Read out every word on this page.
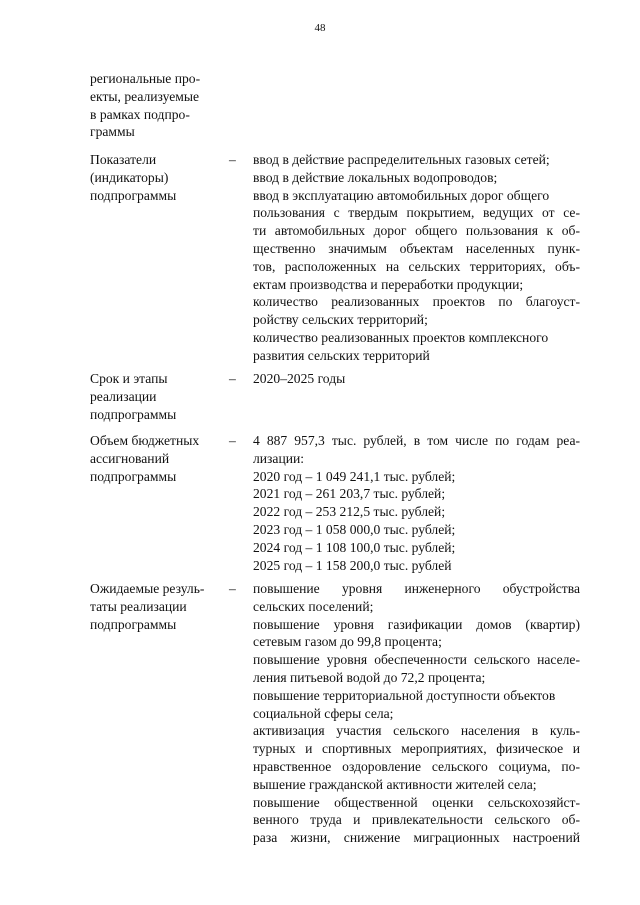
48
региональные про-
екты, реализуемые
в рамках подпро-
граммы
Показатели
(индикаторы)
подпрограммы
– ввод в действие распределительных газовых сетей;
ввод в действие локальных водопроводов;
ввод в эксплуатацию автомобильных дорог общего
пользования с твердым покрытием, ведущих от се-
ти автомобильных дорог общего пользования к об-
щественно значимым объектам населенных пунк-
тов, расположенных на сельских территориях, объ-
ектам производства и переработки продукции;
количество реализованных проектов по благоуст-
ройству сельских территорий;
количество реализованных проектов комплексного
развития сельских территорий
Срок и этапы
реализации
подпрограммы
– 2020–2025 годы
Объем бюджетных
ассигнований
подпрограммы
– 4 887 957,3 тыс. рублей, в том числе по годам реа-
лизации:
2020 год – 1 049 241,1 тыс. рублей;
2021 год – 261 203,7 тыс. рублей;
2022 год – 253 212,5 тыс. рублей;
2023 год – 1 058 000,0 тыс. рублей;
2024 год – 1 108 100,0 тыс. рублей;
2025 год – 1 158 200,0 тыс. рублей
Ожидаемые резуль-
таты реализации
подпрограммы
– повышение уровня инженерного обустройства
сельских поселений;
повышение уровня газификации домов (квартир)
сетевым газом до 99,8 процента;
повышение уровня обеспеченности сельского населе-
ления питьевой водой до 72,2 процента;
повышение территориальной доступности объектов
социальной сферы села;
активизация участия сельского населения в куль-
турных и спортивных мероприятиях, физическое и
нравственное оздоровление сельского социума, по-
вышение гражданской активности жителей села;
повышение общественной оценки сельскохозяйст-
венного труда и привлекательности сельского об-
раза жизни, снижение миграционных настроений
